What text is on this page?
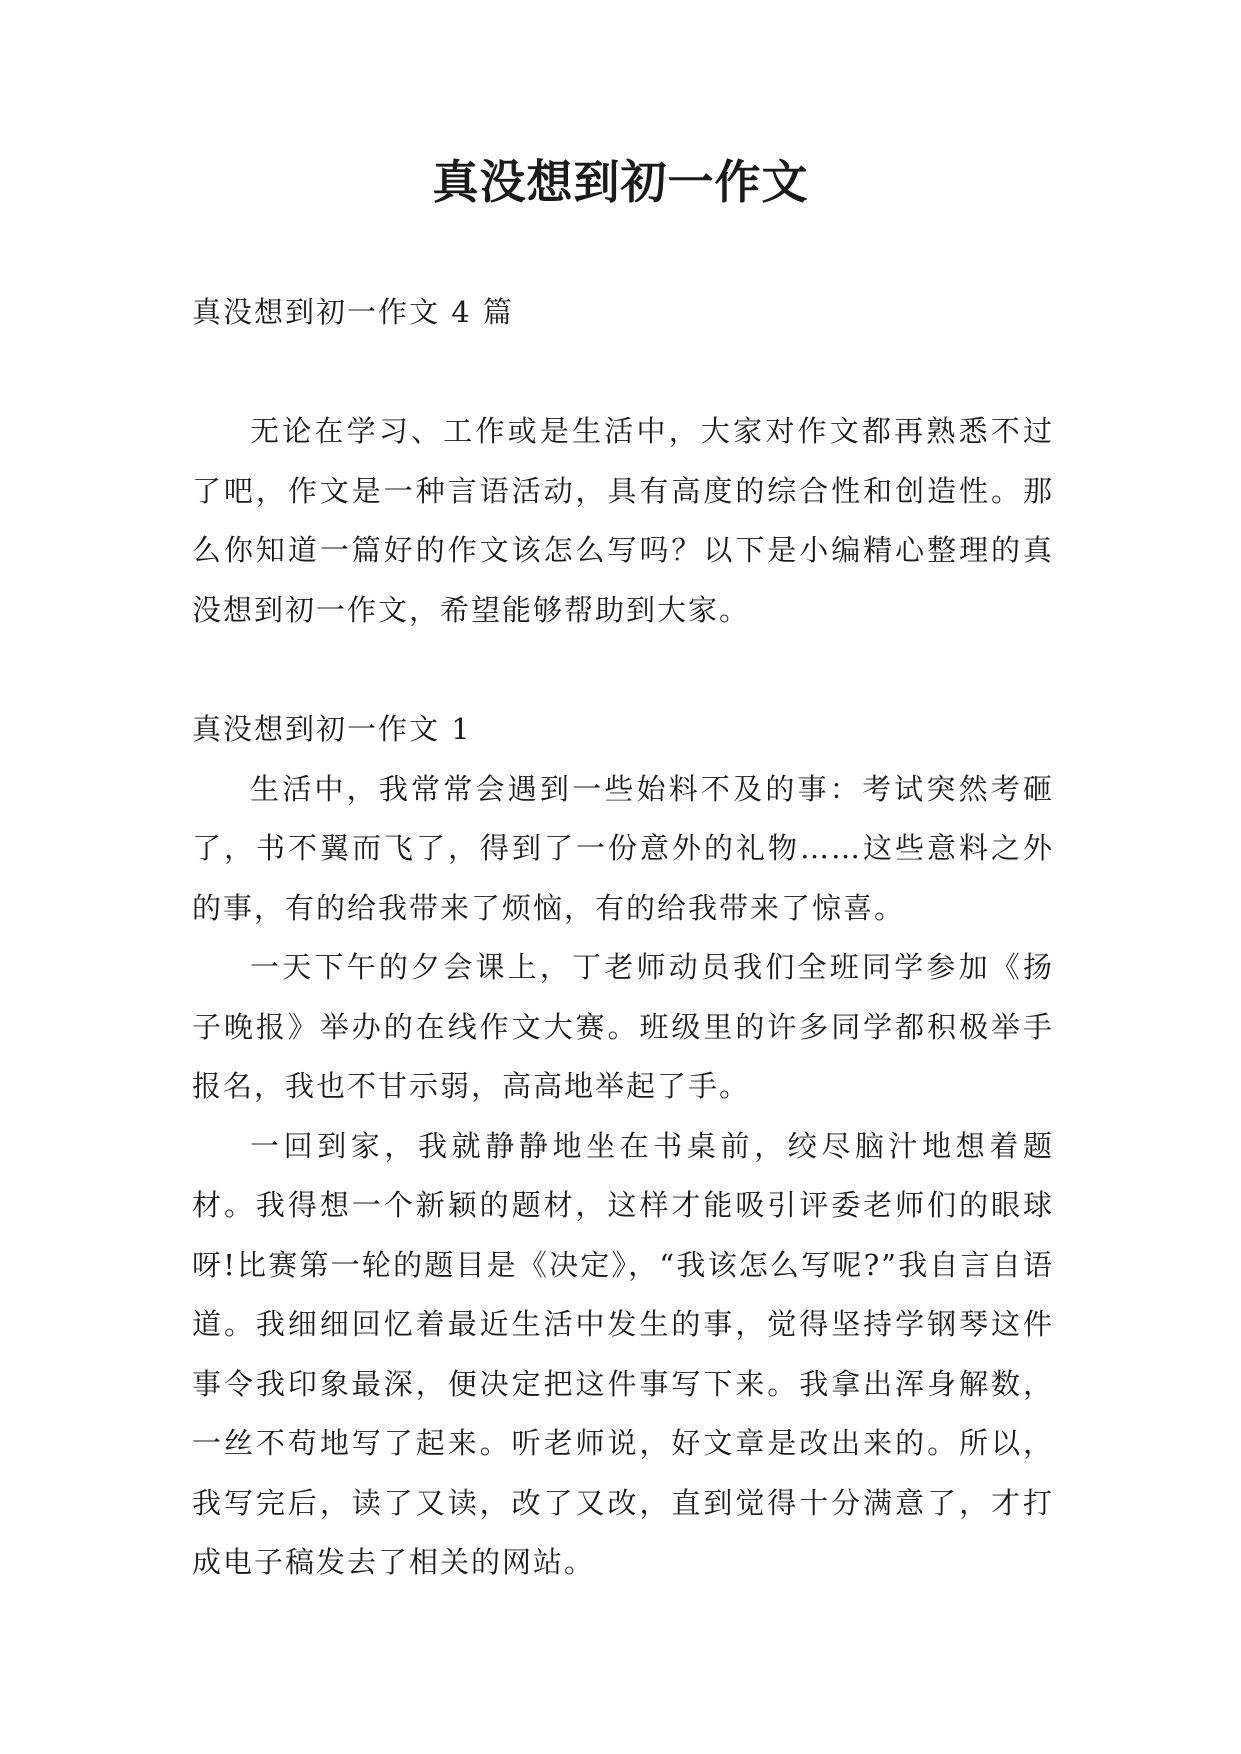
真没想到初一作文

真没想到初一作文 4 篇

无论在学习、工作或是生活中，大家对作文都再熟悉不过了吧，作文是一种言语活动，具有高度的综合性和创造性。那么你知道一篇好的作文该怎么写吗？以下是小编精心整理的真没想到初一作文，希望能够帮助到大家。

真没想到初一作文 1

生活中，我常常会遇到一些始料不及的事：考试突然考砸了，书不翼而飞了，得到了一份意外的礼物……这些意料之外的事，有的给我带来了烦恼，有的给我带来了惊喜。

一天下午的夕会课上，丁老师动员我们全班同学参加《扬子晚报》举办的在线作文大赛。班级里的许多同学都积极举手报名，我也不甘示弱，高高地举起了手。

一回到家，我就静静地坐在书桌前，绞尽脑汁地想着题材。我得想一个新颖的题材，这样才能吸引评委老师们的眼球呀!比赛第一轮的题目是《决定》，“我该怎么写呢?”我自言自语道。我细细回忆着最近生活中发生的事，觉得坚持学钢琴这件事令我印象最深，便决定把这件事写下来。我拿出浑身解数，一丝不苟地写了起来。听老师说，好文章是改出来的。所以，我写完后，读了又读，改了又改，直到觉得十分满意了，才打成电子稿发去了相关的网站。
